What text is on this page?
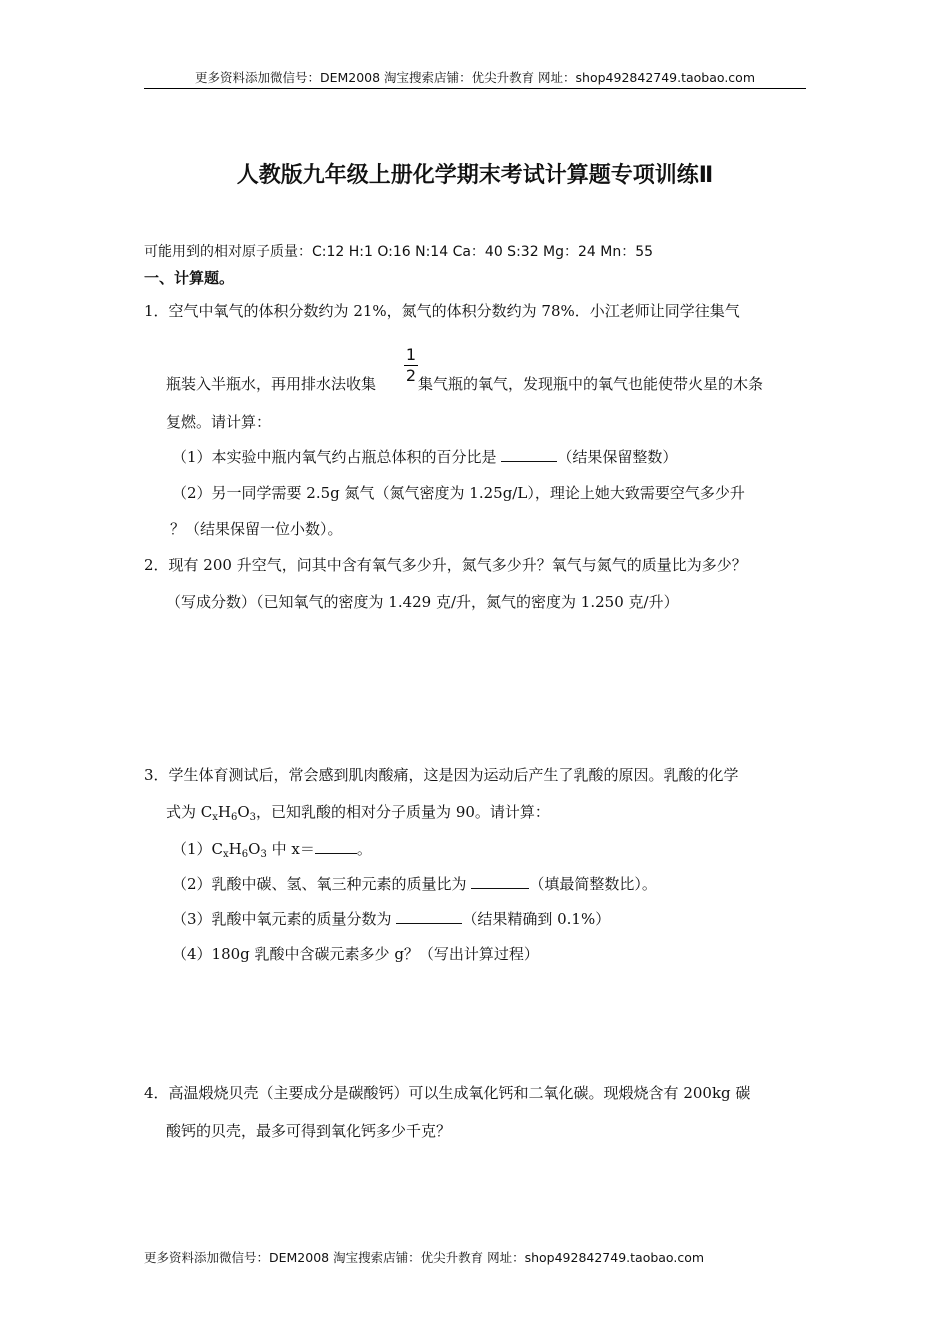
更多资料添加微信号：DEM2008 淘宝搜索店铺：优尖升教育 网址：shop492842749.taobao.com
人教版九年级上册化学期末考试计算题专项训练Ⅱ
可能用到的相对原子质量：C:12 H:1 O:16 N:14 Ca：40 S:32 Mg：24 Mn：55
一、计算题。
1．空气中氧气的体积分数约为 21%，氮气的体积分数约为 78%．小江老师让同学往集气
瓶装入半瓶水，再用排水法收集
1
2 集气瓶的氧气，发现瓶中的氧气也能使带火星的木条
复燃。请计算：
（1）本实验中瓶内氧气约占瓶总体积的百分比是	（结果保留整数）
（2）另一同学需要 2.5g 氮气（氮气密度为 1.25g/L），理论上她大致需要空气多少升
？（结果保留一位小数）。
2．现有 200 升空气，问其中含有氧气多少升，氮气多少升？氧气与氮气的质量比为多少？
（写成分数）（已知氧气的密度为 1.429 克/升，氮气的密度为 1.250 克/升）
3．学生体育测试后，常会感到肌肉酸痛，这是因为运动后产生了乳酸的原因。乳酸的化学
式为 $C_xH_6O_3$，已知乳酸的相对分子质量为 90。请计算：
$(1)C_xH_6O_3$ 中 x＝	。
（2）乳酸中碳、氢、氧三种元素的质量比为	（填最简整数比）。
（3）乳酸中氧元素的质量分数为	（结果精确到 0.1%）
（4）180g 乳酸中含碳元素多少 g？（写出计算过程）
4．高温煅烧贝壳（主要成分是碳酸钙）可以生成氧化钙和二氧化碳。现煅烧含有 200kg 碳
酸钙的贝壳，最多可得到氧化钙多少千克？
更多资料添加微信号：DEM2008 淘宝搜索店铺：优尖升教育 网址：shop492842749.taobao.com
